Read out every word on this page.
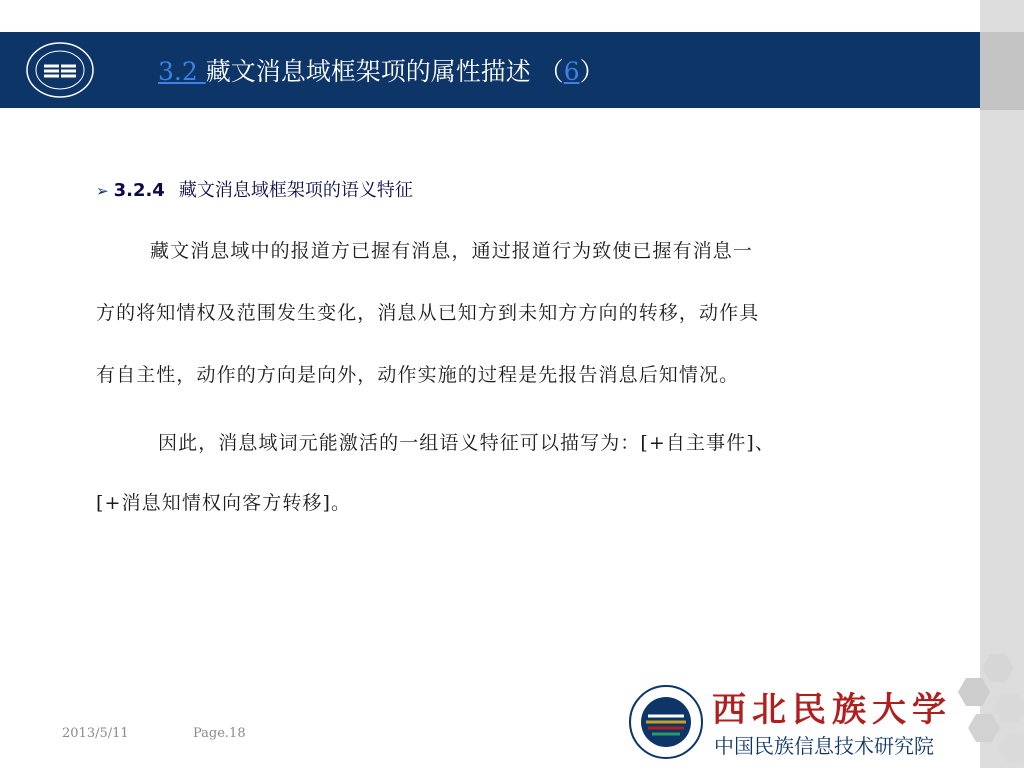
3.2 藏文消息域框架项的属性描述 （6）
➢ 3.2.4 藏文消息域框架项的语义特征
藏文消息域中的报道方已握有消息，通过报道行为致使已握有消息一
方的将知情权及范围发生变化，消息从已知方到未知方方向的转移，动作具
有自主性，动作的方向是向外，动作实施的过程是先报告消息后知情况。
因此，消息域词元能激活的一组语义特征可以描写为：[+自主事件]、
[+消息知情权向客方转移]。
2013/5/11	Page.18
西北民族大学
中国民族信息技术研究院
